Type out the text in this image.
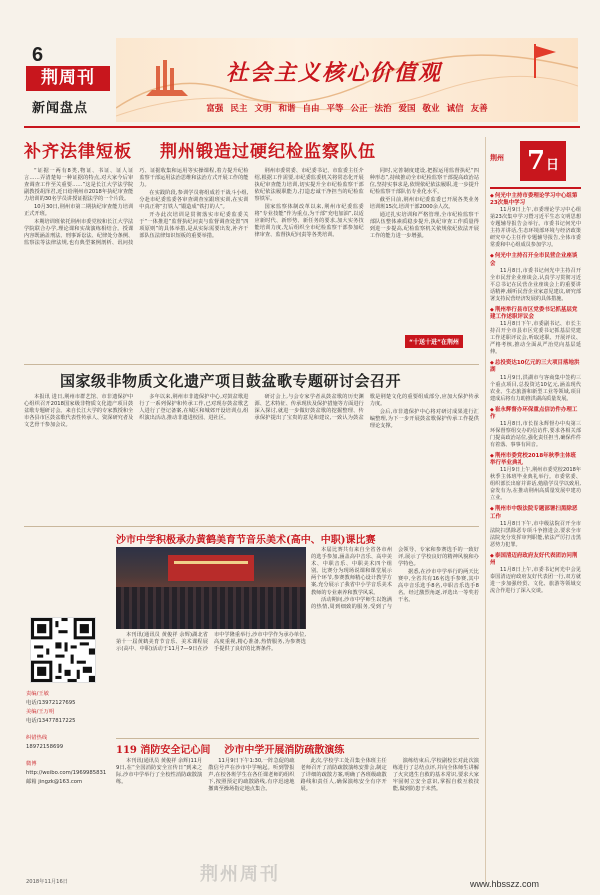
6
荆周刊
新闻盘点
社会主义核心价值观
富强 民主 文明 和谐 自由 平等 公正 法治 爱国 敬业 诚信 友善
补齐法律短板 荆州锻造过硬纪检监察队伍

“证据一两有8类,物证、书证、证人证言……弄清楚每一种证据的特点,对大家今后审查调查工作至关重要……”这是长江大学法学院副教授胡泽君,近日给荆州市2018年执纪审查能力培训的30名学员讲授证据法学的一个片段。

10月30日,荆州市第二期执纪审查能力培训正式开班。

本期培训班依托荆州市委党校和长江大学法学院联合办学,理论课和实战演练相结合。授课内容既涵盖刑法、刑事诉讼法、纪律处分条例、监察法等法律法规,也有典型案例剖析、讯问技巧、证据收集和运用等实操课程,着力提升纪检监察干部运用法治思维和法治方式开展工作的能力。

在实践阶段,参训学员将组成若干战斗小组,分赴市纪委监委各审查调查室跟班实训,在实训中真正将“打铁人”锻造成“铁打的人”。

开办此次培训是贯彻落实市纪委监委关于“一体推进”监督执纪问责与监督调查处置“四项原则”的具体举措,是从实际需要出发,补齐干部队伍法律知识短板的重要举措。

荆州市委常委、市纪委书记、市监委主任介绍,根据工作需要,市纪委监委机关将常态化开展执纪审查能力培训,切实提升全市纪检监察干部依纪依法履职能力,打造忠诚干净担当的纪检监察铁军。

国家监察体制改革以来,荆州市纪委监委将“专业技能”作为重点,为干部“充电加油”,以适应新时代、新形势、新任务的要求,加大实务技能培训力度,先后组织全市纪检监察干部参加纪律审查、监督执纪问责等各类培训。

同时,完善制度建设,把握运用监督执纪“四种形态”,持续推动全市纪检监察干部提高政治站位,坚持实事求是,依规依纪依法履职,进一步提升纪检监察干部队伍专业化水平。

截至目前,荆州市纪委监委已开展各类业务培训班15次,培训干部2000余人次。

通过扎实培训和严格管理,全市纪检监察干部队伍整体素质稳步提升,执纪审查工作质量得到进一步提高,纪检监察机关依规依纪依法开展工作的能力进一步增强。

“十送十进”在荆州
荆州 7日
◆ 何光中主持市委理论学习中心组第23次集中学习
11月9日上午,市委理论学习中心组第23次集中学习暨习近平生态文明思想专题辅导报告会举行。市委书记何光中主持并讲话,生态环境部环境与经济政策研究中心主任作专题辅导报告,全体市委常委和中心组成员参加学习。
◆ 何光中主持召开全市民营企业座谈会
11月8日,市委书记何光中主持召开全市民营企业座谈会,认真学习贯彻习近平总书记在民营企业座谈会上的重要讲话精神,倾听民营企业家意见建议,研究部署支持民营经济发展的具体措施。
◆ 荆州举行县市区党委书记抓基层党建工作述职评议会
11月8日下午,市委副书记、市长主持召开全市县市区党委书记抓基层党建工作述职评议会,听取述职、开展评议、严格考核,推动全面从严治党向基层延伸。
◆ 总投资达10亿元的三大项目落地洪湖
11月9日,洪湖市与客商集中签约三个重点项目,总投资达10亿元,涵盖现代农业、生态旅游和新型工业等领域,项目建成后将有力助推洪湖高质量发展。
◆ 崔永辉督办环保重点信访件办理工作
11月8日,市长崔永辉督办中央第三环保督察组交办的信访件,要求各相关部门提高政治站位,强化责任担当,确保件件有着落、事事有回音。
◆ 荆州市委党校2018年秋季主体班举行毕业典礼
11月9日上午,荆州市委党校2018年秋季主体班毕业典礼举行。市委常委、组织部长出席并讲话,勉励学员学以致用,奋发有为,在推动荆州高质量发展中建功立业。
◆ 荆州市中级法院专题部署扫黑除恶工作
11月8日下午,市中级法院召开全市法院扫黑除恶专项斗争推进会,要求全市法院充分发挥审判职能,依法严厉打击黑恶势力犯罪。
◆ 泰国清迈府政府友好代表团访问荆州
11月8日上午,市委书记何光中会见泰国清迈府政府友好代表团一行,双方就进一步加强经贸、文化、旅游等领域交流合作进行了深入交谈。
国家级非物质文化遗产项目鼓盆歌专题研讨会召开

本报讯 进日,荆州市群艺馆、市非遗保护中心组织召开2018国家级非物质文化遗产项目鼓盆歌专题研讨会。来自长江大学的专家教授和全市各县市区鼓盆歌代表性传承人、资深研究者及文艺骨干参加会议。

多年以来,荆州市非遗保护中心,对鼓盆歌进行了一系列保护和传承工作,已对现存鼓盆歌艺人进行了登记备案,在城区和城郊开设培训点,组织演出活动,推动非遗进校园、进社区。

研讨会上,与会专家学者从鼓盆歌的历史渊源、艺术特征、传承现状及保护措施等方面进行深入探讨,就进一步做好鼓盆歌的挖掘整理、传承保护提出了宝贵的意见和建议,一致认为鼓盆歌是荆楚文化的重要组成部分,应加大保护传承力度。

会后,市非遗保护中心将对研讨成果进行汇编整理,为下一步开展鼓盆歌保护传承工作提供理论支撑。

沙市中学积极承办黄鹤美育节音乐美术(高中、中职)课比赛

本刊讯(通讯员 黄俊祥 余辉)湖北省第十一届黄鹤美育节音乐、美术课程展示(高中、中职)活动于11月7—9日在沙市中学隆重举行,沙市中学作为承办单位,高度重视,精心准备,热情服务,为参赛选手提供了良好的比赛条件。

本届比赛共有来自全省各市州的选手参加,涵盖高中音乐、高中美术、中职音乐、中职美术四个组别。比赛分为现场说课和课堂展示两个环节,参赛教师精心设计教学方案,充分展示了我省中小学音乐美术教师的专业素养和教学风采。

活动期间,沙市中学师生以饱满的热情,周到细致的服务,受到了与会领导、专家和参赛选手的一致好评,展示了学校良好的精神风貌和办学特色。

据悉,在沙市中学举行的两天比赛中,全省共有16名选手参赛,其中高中音乐选手8名,中职音乐选手8名。经过激烈角逐,评选出一等奖若干名。

责编/王敏
电话/13972127695
美编/王万明
电话/13477817225
纠错热线
18972158699
微博
http://weibo.com/1969985831
邮箱 jingzk@163.com
119 消防安全记心间 沙市中学开展消防疏散演练

本刊讯(通讯员 黄俊祥 余辉)11月9日,在“全国消防安全宣传日”到来之际,沙市中学举行了全校性消防疏散演练。

11月9日下午1:30,一阵急促的疏散信号声在沙市中学响起。听到警报声,在校各班学生在各任课老师的组织下,按照预定的疏散路线,有序迅速地撤离至操场指定地点集合。

此次,学校学工处召集全体班主任老师召开了消防疏散演练安排会,制定了详细的疏散方案,明确了各班级疏散路线和责任人,确保演练安全有序开展。

演练结束后,学校副校长对此次演练进行了总结点评,并向全体师生讲解了火灾逃生自救的基本常识,要求大家牢固树立安全意识,掌握自救互救技能,做到防患于未然。

2018年11月16日	荆州周刊	www.hbsszz.com
